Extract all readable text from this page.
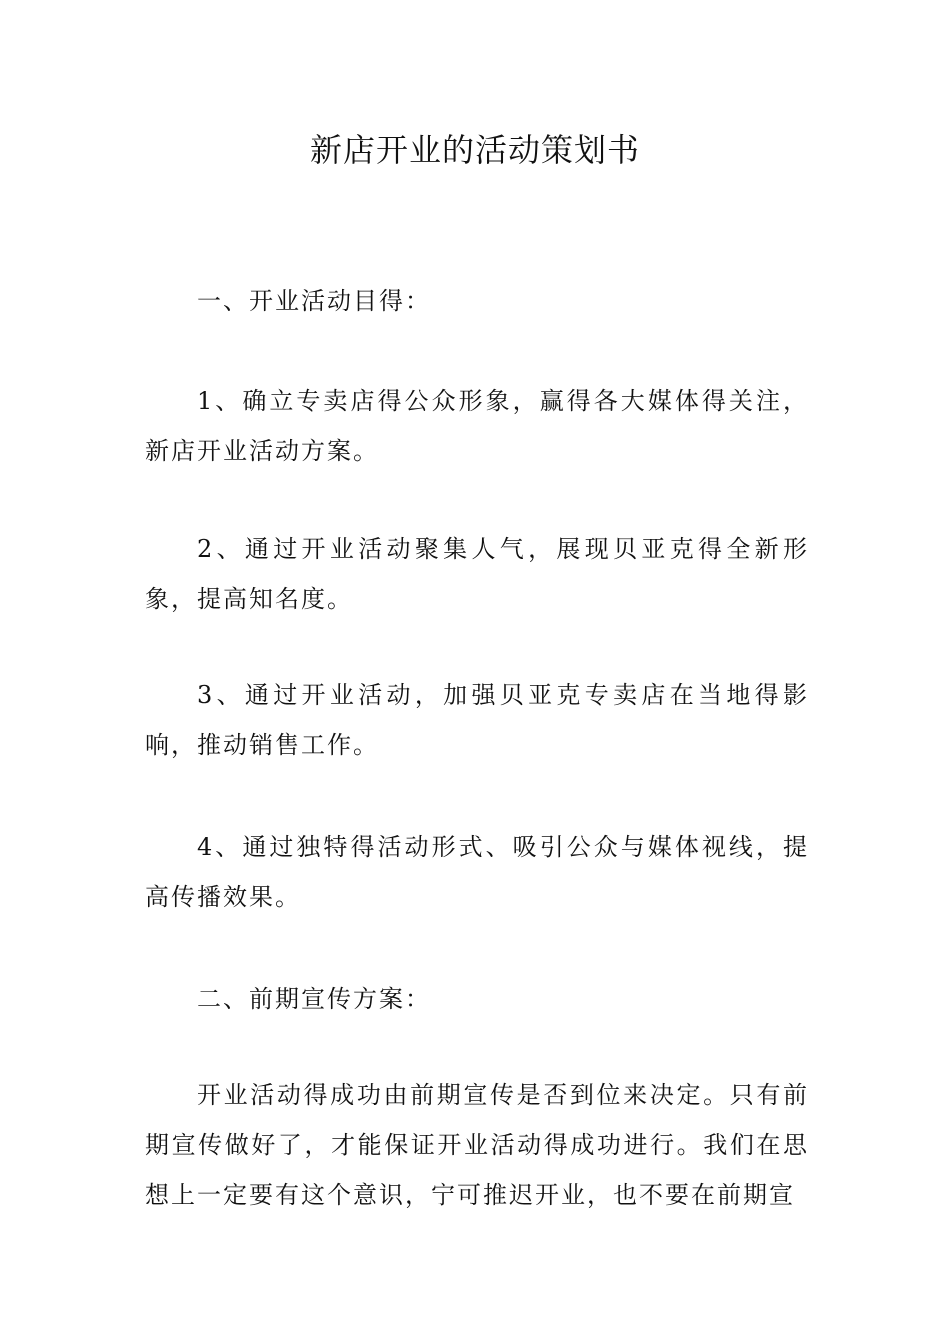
新店开业的活动策划书

一、开业活动目得：

1、确立专卖店得公众形象，赢得各大媒体得关注，新店开业活动方案。

2、通过开业活动聚集人气，展现贝亚克得全新形象，提高知名度。

3、通过开业活动，加强贝亚克专卖店在当地得影响，推动销售工作。

4、通过独特得活动形式、吸引公众与媒体视线，提高传播效果。

二、前期宣传方案：

开业活动得成功由前期宣传是否到位来决定。只有前期宣传做好了，才能保证开业活动得成功进行。我们在思想上一定要有这个意识，宁可推迟开业，也不要在前期宣
